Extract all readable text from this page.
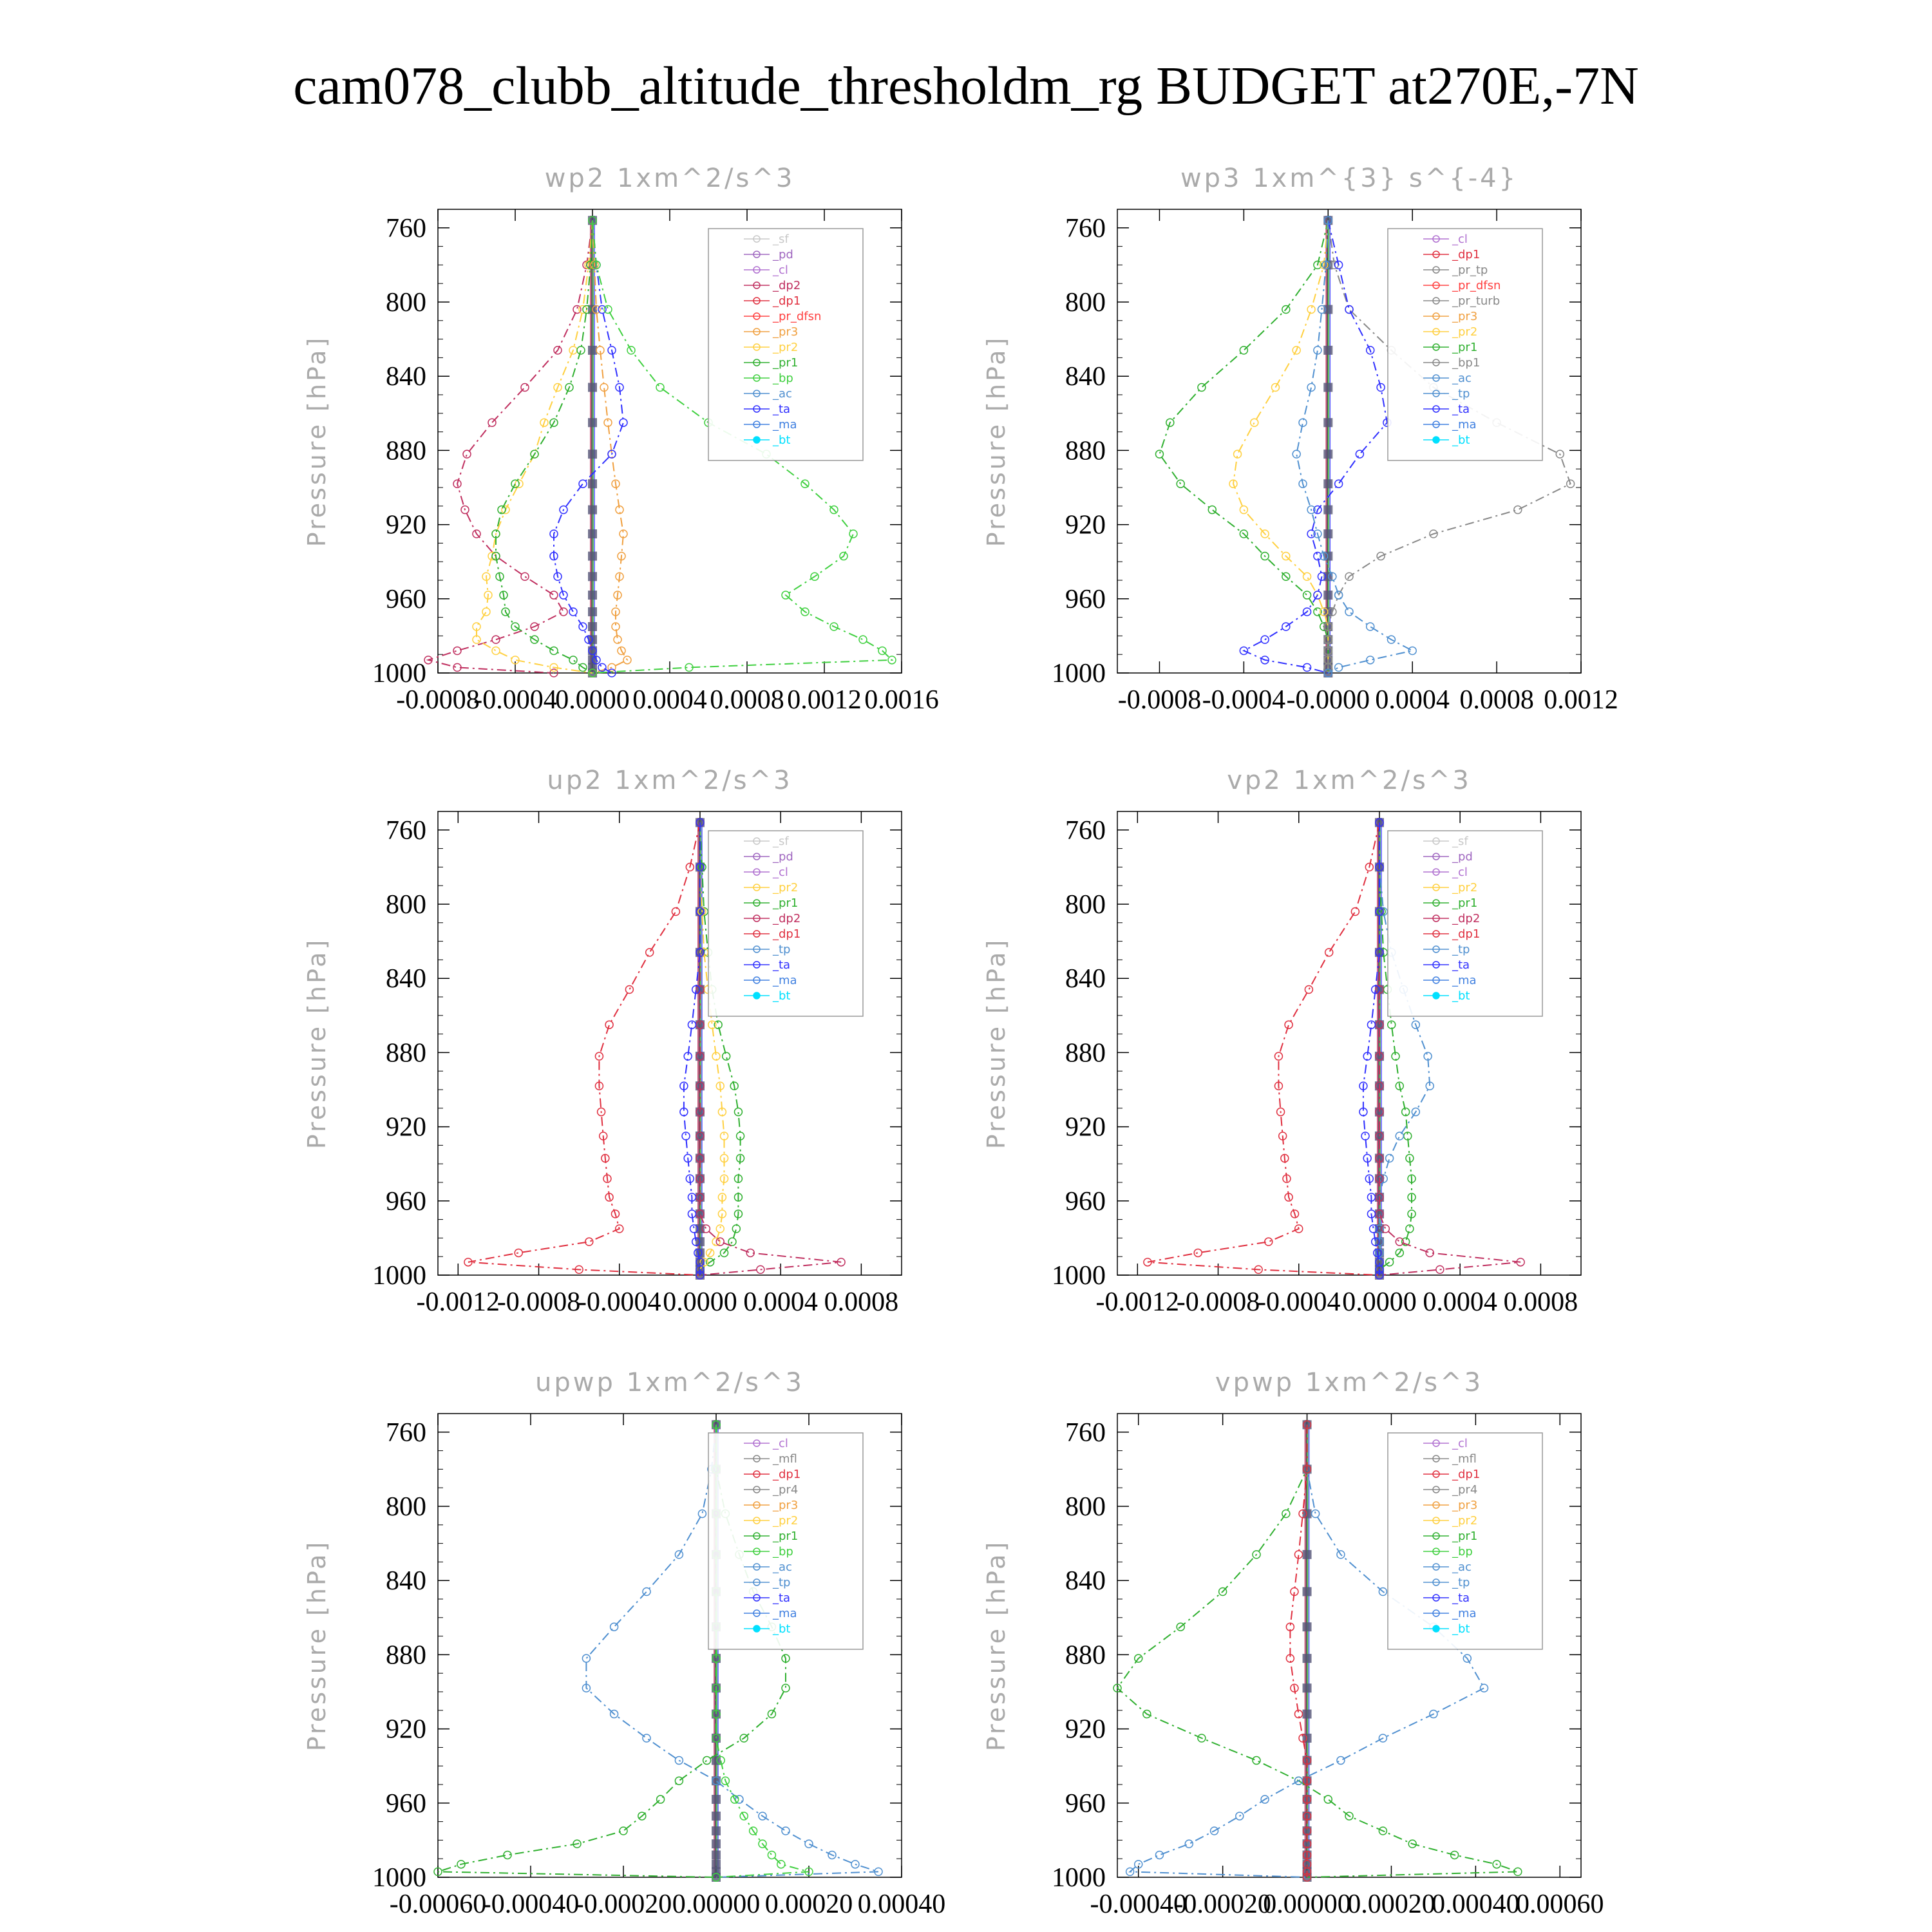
cam078_clubb_altitude_thresholdm_rg BUDGET at270E,-7N
wp2 1xm^2/s^3
Pressure [hPa]
760
800
840
880
920
960
1000
-0.0008
-0.0004
0.0000 0.0004 0.0008 0.0012 0.0016
_sf
_pd
_cl
_dp2
_dp1
_pr_dfsn
_pr3
_pr2
_pr1
_bp
_ac
_ta
_ma
_bt
wp3 1xm^{3} s^{-4}
Pressure [hPa]
760
800
840
880
920
960
1000
-0.0008 -0.0004 -0.0000 0.0004 0.0008 0.0012
_cl
_dp1
_pr_tp
_pr_dfsn
_pr_turb
_pr3
_pr2
_pr1
_bp1
_ac
_tp
_ta
_ma
_bt
up2 1xm^2/s^3
Pressure [hPa]
760
800
840
880
920
960
1000
-0.0012
-0.0008
-0.0004 0.0000 0.0004 0.0008
_sf
_pd
_cl
_pr2
_pr1
_dp2
_dp1
_tp
_ta
_ma
_bt
vp2 1xm^2/s^3
Pressure [hPa]
760
800
840
880
920
960
1000
-0.0012
-0.0008
-0.0004 0.0000 0.0004 0.0008
_sf
_pd
_cl
_pr2
_pr1
_dp2
_dp1
_tp
_ta
_ma
_bt
upwp 1xm^2/s^3
Pressure [hPa]
760
800
840
880
920
960
1000
-0.00060
-0.00040
-0.00020 0.00000 0.00020 0.00040
_cl
_mfl
_dp1
_pr4
_pr3
_pr2
_pr1
_bp
_ac
_tp
_ta
_ma
_bt
vpwp 1xm^2/s^3
Pressure [hPa]
760
800
840
880
920
960
1000
-0.00040
-0.00020
0.00000
0.00020
0.00040
0.00060
_cl
_mfl
_dp1
_pr4
_pr3
_pr2
_pr1
_bp
_ac
_tp
_ta
_ma
_bt
